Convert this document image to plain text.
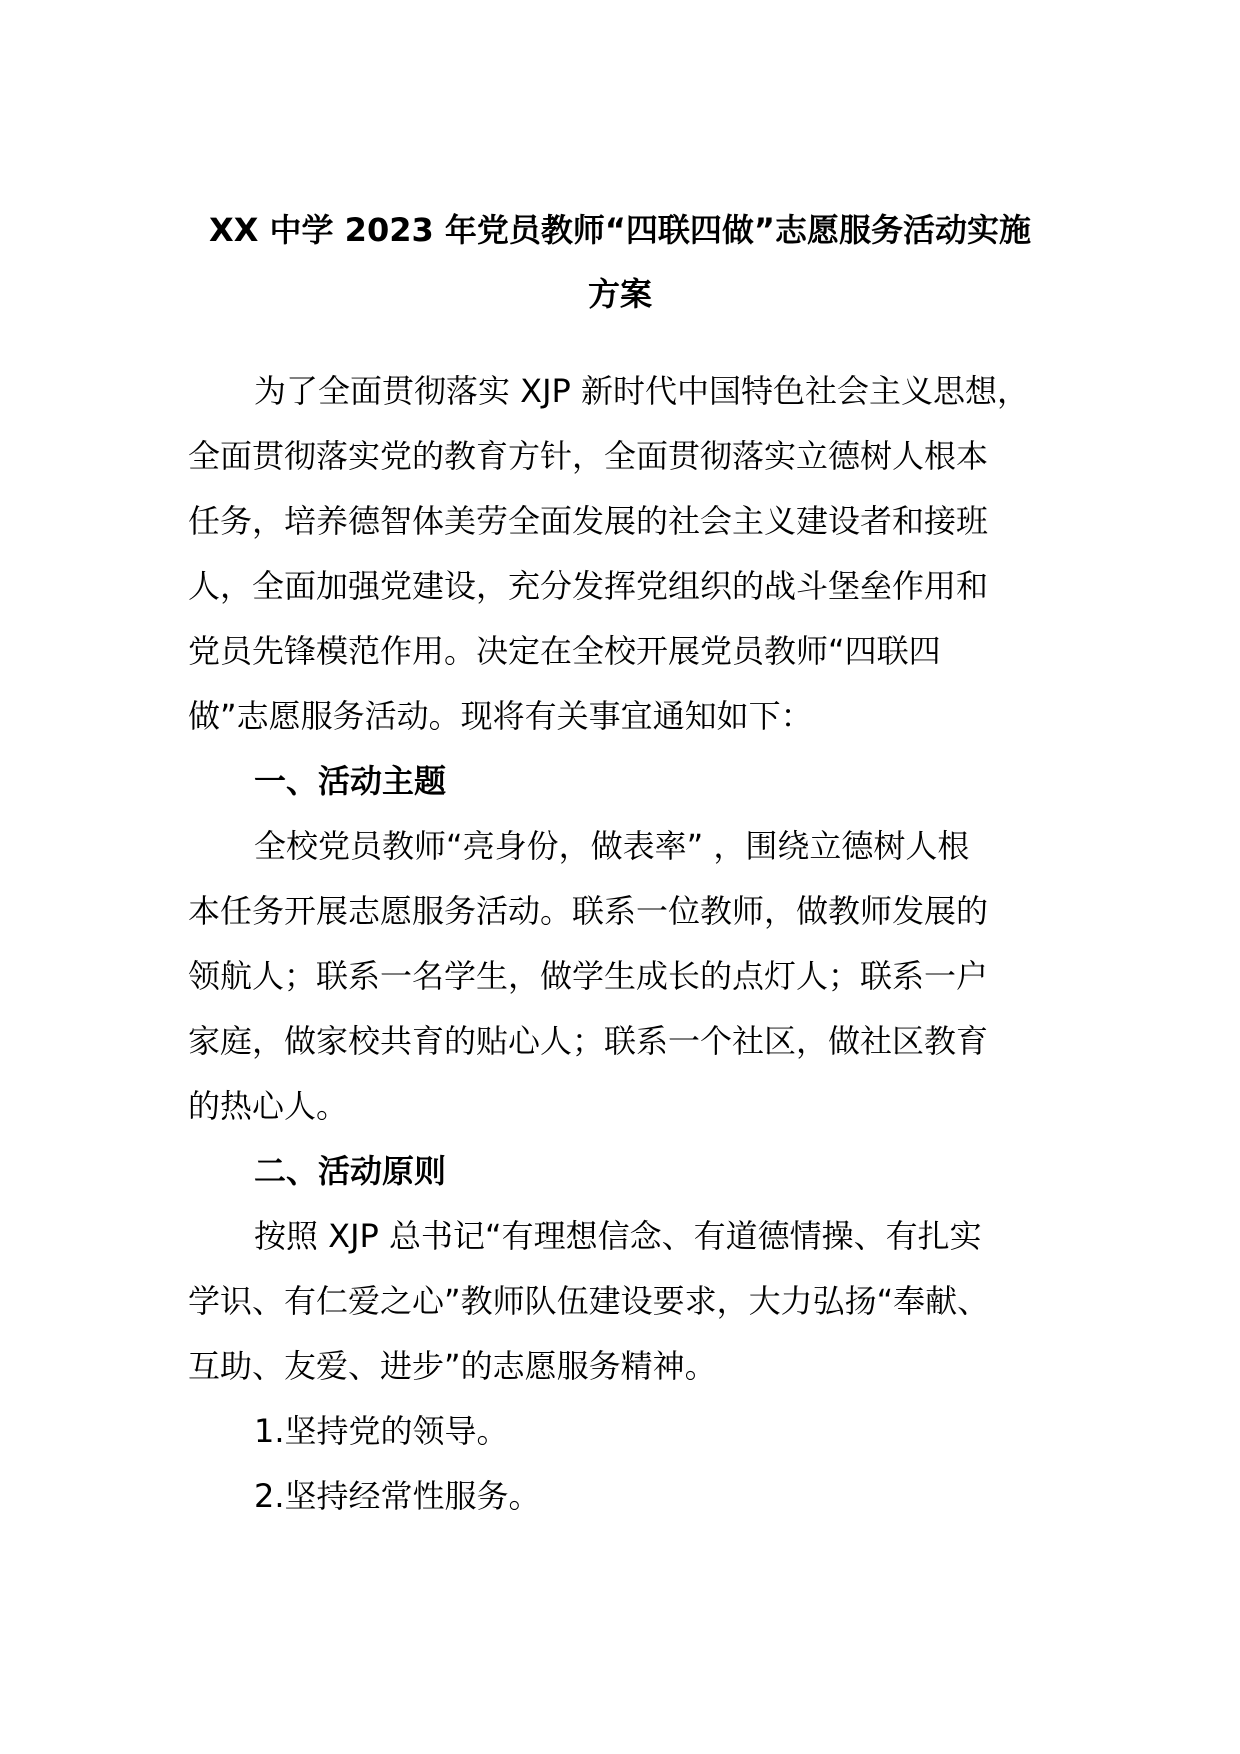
XX 中学 2023 年党员教师“四联四做”志愿服务活动实施
方案
为了全面贯彻落实 XJP 新时代中国特色社会主义思想，
全面贯彻落实党的教育方针，全面贯彻落实立德树人根本
任务，培养德智体美劳全面发展的社会主义建设者和接班
人，全面加强党建设，充分发挥党组织的战斗堡垒作用和
党员先锋模范作用。决定在全校开展党员教师“四联四
做”志愿服务活动。现将有关事宜通知如下：
一、活动主题
全校党员教师“亮身份，做表率” ，围绕立德树人根
本任务开展志愿服务活动。联系一位教师，做教师发展的
领航人；联系一名学生，做学生成长的点灯人；联系一户
家庭，做家校共育的贴心人；联系一个社区，做社区教育
的热心人。
二、活动原则
按照 XJP 总书记“有理想信念、有道德情操、有扎实
学识、有仁爱之心”教师队伍建设要求，大力弘扬“奉献、
互助、友爱、进步”的志愿服务精神。
1.坚持党的领导。
2.坚持经常性服务。
